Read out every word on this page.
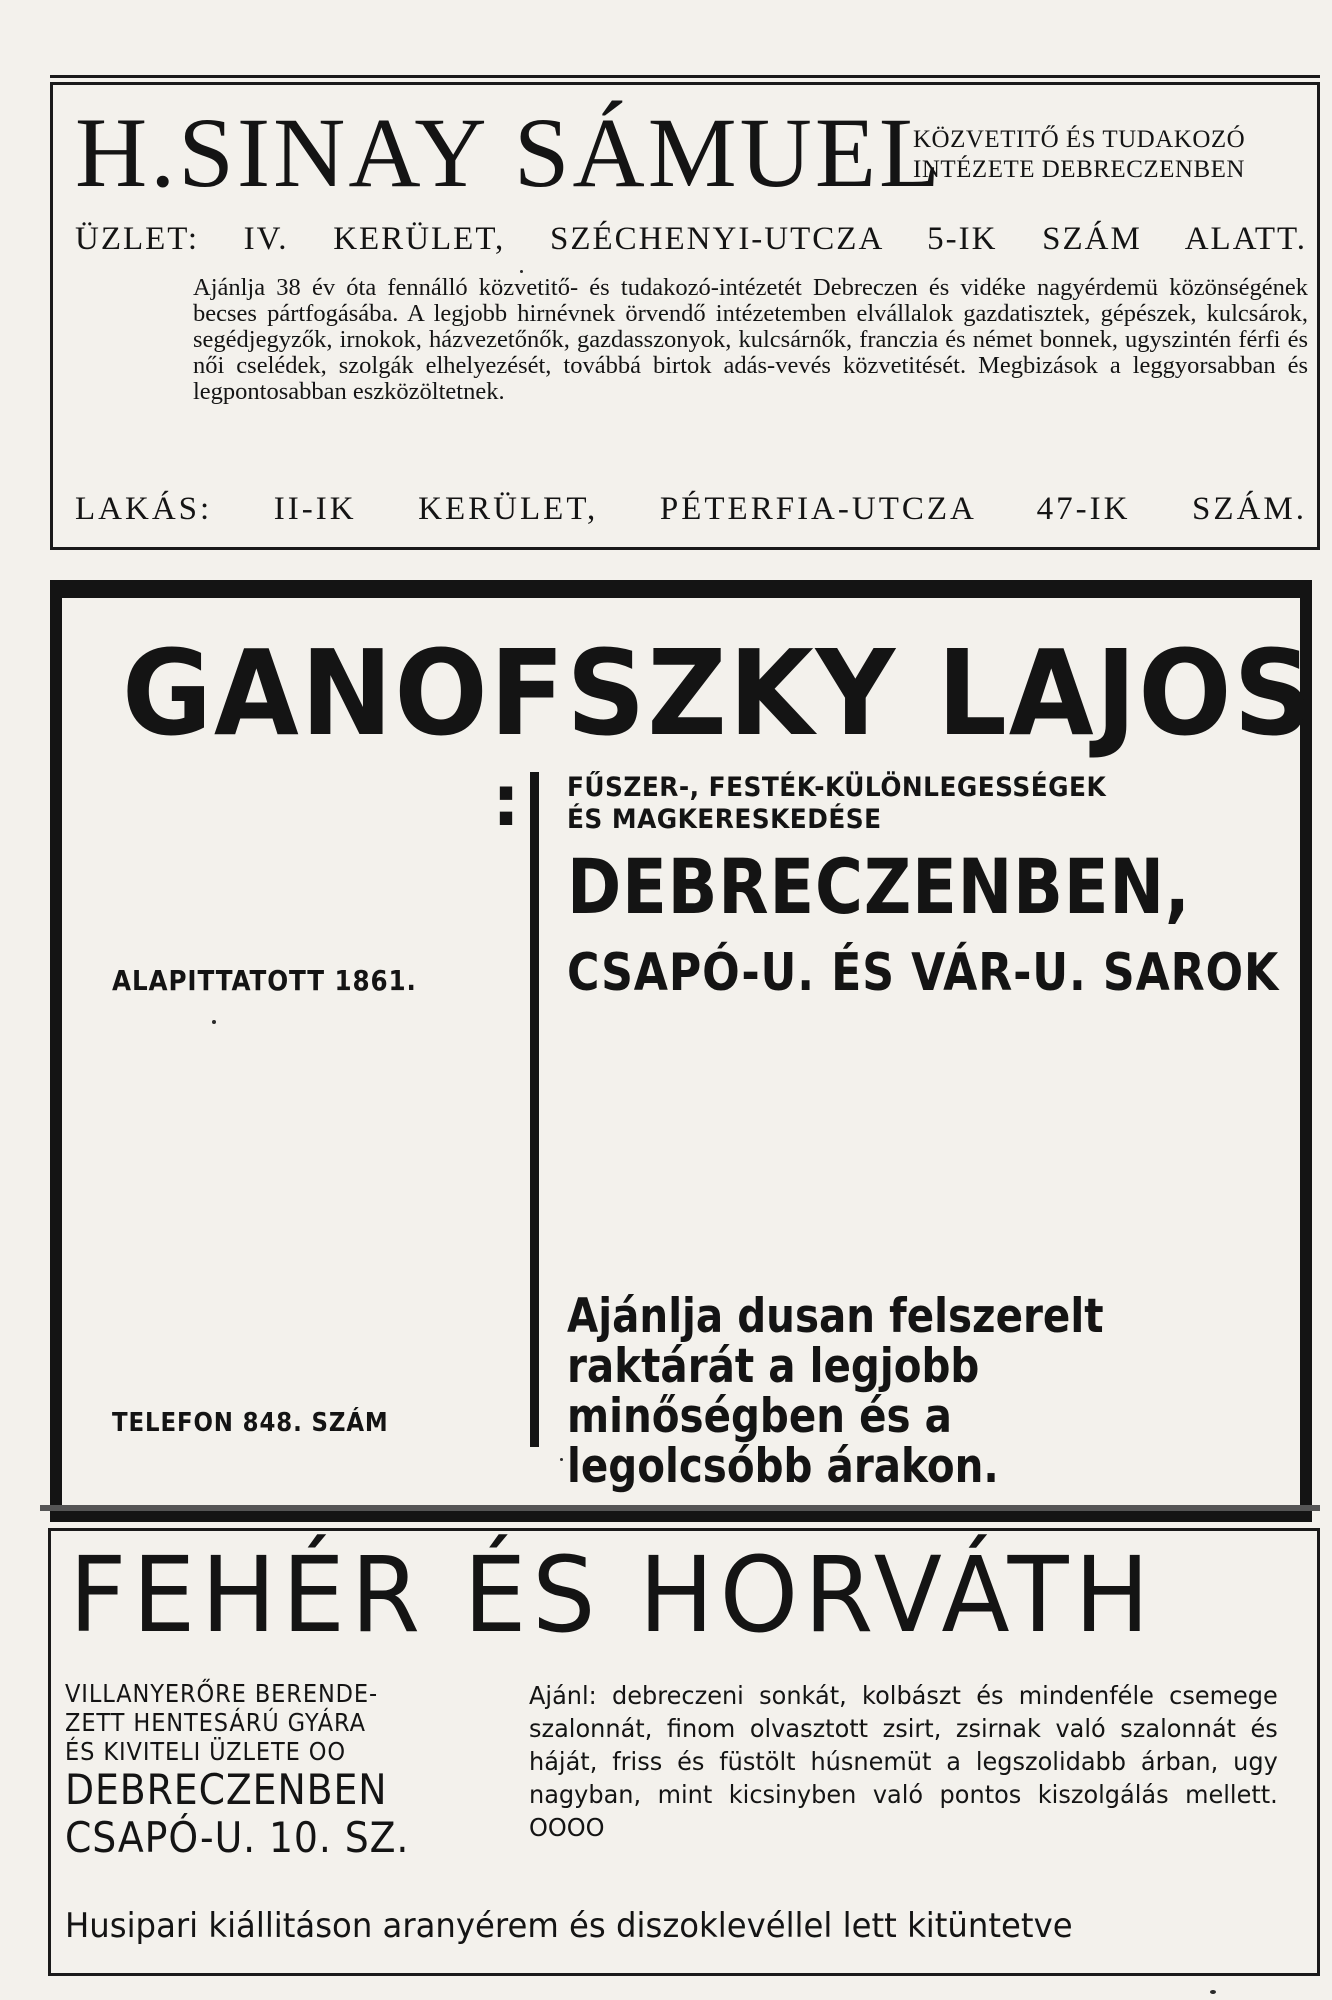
H.SINAY SÁMUEL
KÖZVETITŐ ÉS TUDAKOZÓ
INTÉZETE DEBRECZENBEN
ÜZLET: IV. KERÜLET, SZÉCHENYI-UTCZA 5-IK SZÁM ALATT.
Ajánlja 38 év óta fennálló közvetitő- és tudakozó-intézetét Debreczen és vidéke nagyérdemü közönségének becses pártfogásába. A legjobb hirnévnek örvendő intézetemben elvállalok gazdatisztek, gépészek, kulcsárok, segédjegyzők, irnokok, házvezetőnők, gazdasszonyok, kulcsárnők, franczia és német bonnek, ugyszintén férfi és női cselédek, szolgák elhelyezését, továbbá birtok adás-vevés közvetitését. Megbizások a leggyorsabban és legpontosabban eszközöltetnek.
LAKÁS: II-IK KERÜLET, PÉTERFIA-UTCZA 47-IK SZÁM.
GANOFSZKY LAJOS
: FŰSZER-, FESTÉK-KÜLÖNLEGESSÉGEK
ÉS MAGKERESKEDÉSE
DEBRECZENBEN,
CSAPÓ-U. ÉS VÁR-U. SAROK
ALAPITTATOTT 1861.
Ajánlja dusan felszerelt raktárát a legjobb minőségben és a legolcsóbb árakon.
TELEFON 848. SZÁM
FEHÉR ÉS HORVÁTH
VILLANYERŐRE BERENDE-
ZETT HENTESÁRÚ GYÁRA
ÉS KIVITELI ÜZLETE OO
DEBRECZENBEN
CSAPÓ-U. 10. SZ.
Ajánl: debreczeni sonkát, kolbászt és mindenféle csemege szalonnát, finom olvasztott zsirt, zsirnak való szalonnát és háját, friss és füstölt húsnemüt a legszolidabb árban, ugy nagyban, mint kicsinyben való pontos kiszolgálás mellett. OOOO
Husipari kiállitáson aranyérem és diszoklevéllel lett kitüntetve
